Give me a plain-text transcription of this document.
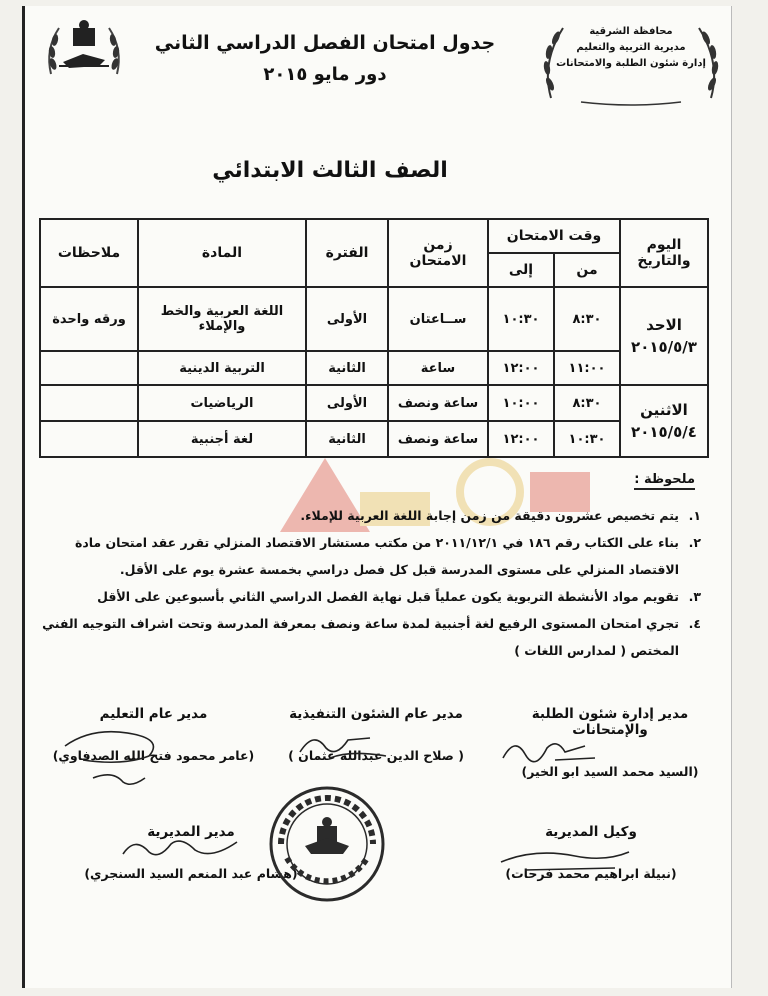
محافظة الشرقية
مديرية التربية والتعليم
إدارة شئون الطلبة والامتحانات
جدول امتحان الفصل الدراسي الثاني
دور مايو ٢٠١٥
الصف الثالث الابتدائي
اليوم والتاريخ	وقت الامتحان		زمن الامتحان	الفترة	المادة	ملاحظات
	من	إلى				

الاحد
٢٠١٥/٥/٣	٨:٣٠	١٠:٣٠	ســاعتان	الأولى	اللغة العربية والخط والإملاء	ورقه واحدة
	١١:٠٠	١٢:٠٠	ساعة	الثانية	التربية الدينية	

الاثنين
٢٠١٥/٥/٤	٨:٣٠	١٠:٠٠	ساعة ونصف	الأولى	الرياضيات	
	١٠:٣٠	١٢:٠٠	ساعة ونصف	الثانية	لغة أجنبية	
ملحوظة :
١.
يتم تخصيص عشرون دقيقة من زمن إجابة اللغة العربية للإملاء.
٢.
بناء على الكتاب رقم ١٨٦ في ٢٠١١/١٢/١ من مكتب مستشار الاقتصاد المنزلي تقرر عقد امتحان مادة الاقتصاد المنزلي على مستوى المدرسة قبل كل فصل دراسي بخمسة عشرة يوم على الأقل.
٣.
تقويم مواد الأنشطة التربوية يكون عملياً قبل نهاية الفصل الدراسي الثاني بأسبوعين على الأقل
٤.
تجري امتحان المستوى الرفيع لغة أجنبية لمدة ساعة ونصف بمعرفة المدرسة وتحت اشراف التوجيه الفني المختص ( لمدارس اللغات )
مدير إدارة شئون الطلبة والإمتحانات
(السيد محمد السيد ابو الخير)
مدير عام الشئون التنفيذية
( صلاح الدين عبدالله عثمان )
مدير عام التعليم
(عامر محمود فتح الله الصدفاوي)
وكيل المديرية
(نبيلة ابراهيم محمد فرحات)
مدير المديرية
(هشام عبد المنعم السيد السنجري)
